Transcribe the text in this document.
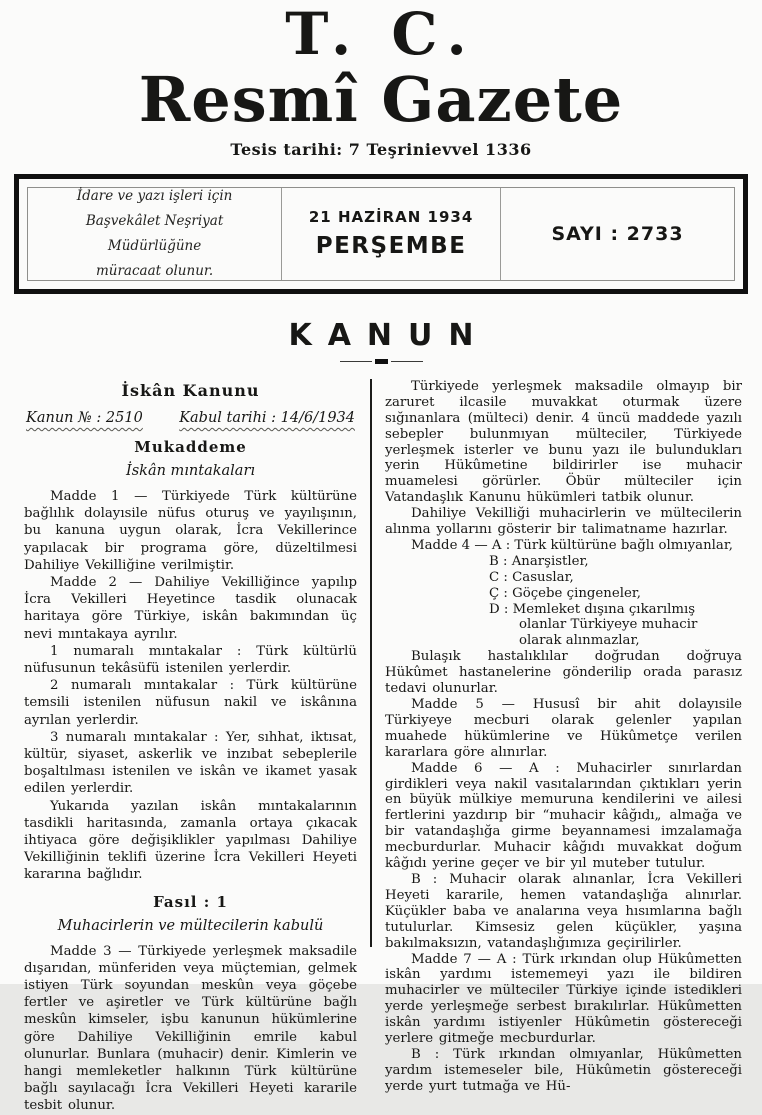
T. C.
Resmî Gazete
Tesis tarihi: 7 Teşrinievvel 1336
İdare ve yazı işleri için
Başvekâlet Neşriyat Müdürlüğüne
müracaat olunur.
21 HAZİRAN 1934
PERŞEMBE	SAYI : 2733
KANUN
İskân Kanunu
Kanun № : 2510	Kabul tarihi : 14/6/1934
Mukaddeme
İskân mıntakaları

Madde 1 — Türkiyede Türk kültürüne bağlılık dolayısile nüfus oturuş ve yayılışının, bu kanuna uygun olarak, İcra Vekillerince yapılacak bir programa göre, düzeltilmesi Dahiliye Vekilliğine verilmiştir.

Madde 2 — Dahiliye Vekilliğince yapılıp İcra Vekilleri Heyetince tasdik olunacak haritaya göre Türkiye, iskân bakımından üç nevi mıntakaya ayrılır.

1 numaralı mıntakalar : Türk kültürlü nüfusunun tekâsüfü istenilen yerlerdir.

2 numaralı mıntakalar : Türk kültürüne temsili istenilen nüfusun nakil ve iskânına ayrılan yerlerdir.

3 numaralı mıntakalar : Yer, sıhhat, iktısat, kültür, siyaset, askerlik ve inzıbat sebeplerile boşaltılması istenilen ve iskân ve ikamet yasak edilen yerlerdir.

Yukarıda yazılan iskân mıntakalarının tasdikli haritasında, zamanla ortaya çıkacak ihtiyaca göre değişiklikler yapılması Dahiliye Vekilliğinin teklifi üzerine İcra Vekilleri Heyeti kararına bağlıdır.

Fasıl : 1
Muhacirlerin ve mültecilerin kabulü

Madde 3 — Türkiyede yerleşmek maksadile dışarıdan, münferiden veya müçtemian, gelmek istiyen Türk soyundan meskûn veya göçebe fertler ve aşiretler ve Türk kültürüne bağlı meskûn kimseler, işbu kanunun hükümlerine göre Dahiliye Vekilliğinin emrile kabul olunurlar. Bunlara (muhacir) denir. Kimlerin ve hangi memleketler halkının Türk kültürüne bağlı sayılacağı İcra Vekilleri Heyeti kararile tesbit olunur.

Türkiyede yerleşmek maksadile olmayıp bir zaruret ilcasile muvakkat oturmak üzere sığınanlara (mülteci) denir. 4 üncü maddede yazılı sebepler bulunmıyan mülteciler, Türkiyede yerleşmek isterler ve bunu yazı ile bulundukları yerin Hükûmetine bildirirler ise muhacir muamelesi görürler. Öbür mülteciler için Vatandaşlık Kanunu hükümleri tatbik olunur.

Dahiliye Vekilliği muhacirlerin ve mültecilerin alınma yollarını gösterir bir talimatname hazırlar.

Madde 4 — A : Türk kültürüne bağlı olmıyanlar,

B : Anarşistler,
C : Casuslar,
Ç : Göçebe çingeneler,
D : Memleket dışına çıkarılmış olanlar Türkiyeye muhacir olarak alınmazlar,

Bulaşık hastalıklılar doğrudan doğruya Hükûmet hastanelerine gönderilip orada parasız tedavi olunurlar.

Madde 5 — Hususî bir ahit dolayısile Türkiyeye mecburi olarak gelenler yapılan muahede hükümlerine ve Hükûmetçe verilen kararlara göre alınırlar.

Madde 6 — A : Muhacirler sınırlardan girdikleri veya nakil vasıtalarından çıktıkları yerin en büyük mülkiye memuruna kendilerini ve ailesi fertlerini yazdırıp bir “muhacir kâğıdı„ almağa ve bir vatandaşlığa girme beyannamesi imzalamağa mecburdurlar. Muhacir kâğıdı muvakkat doğum kâğıdı yerine geçer ve bir yıl muteber tutulur.

B : Muhacir olarak alınanlar, İcra Vekilleri Heyeti kararile, hemen vatandaşlığa alınırlar. Küçükler baba ve analarına veya hısımlarına bağlı tutulurlar. Kimsesiz gelen küçükler, yaşına bakılmaksızın, vatandaşlığımıza geçirilirler.

Madde 7 — A : Türk ırkından olup Hükûmetten iskân yardımı istememeyi yazı ile bildiren muhacirler ve mülteciler Türkiye içinde istedikleri yerde yerleşmeğe serbest bırakılırlar. Hükûmetten iskân yardımı istiyenler Hükûmetin göstereceği yerlere gitmeğe mecburdurlar.

B : Türk ırkından olmıyanlar, Hükûmetten yardım istemeseler bile, Hükûmetin göstereceği yerde yurt tutmağa ve Hü-
